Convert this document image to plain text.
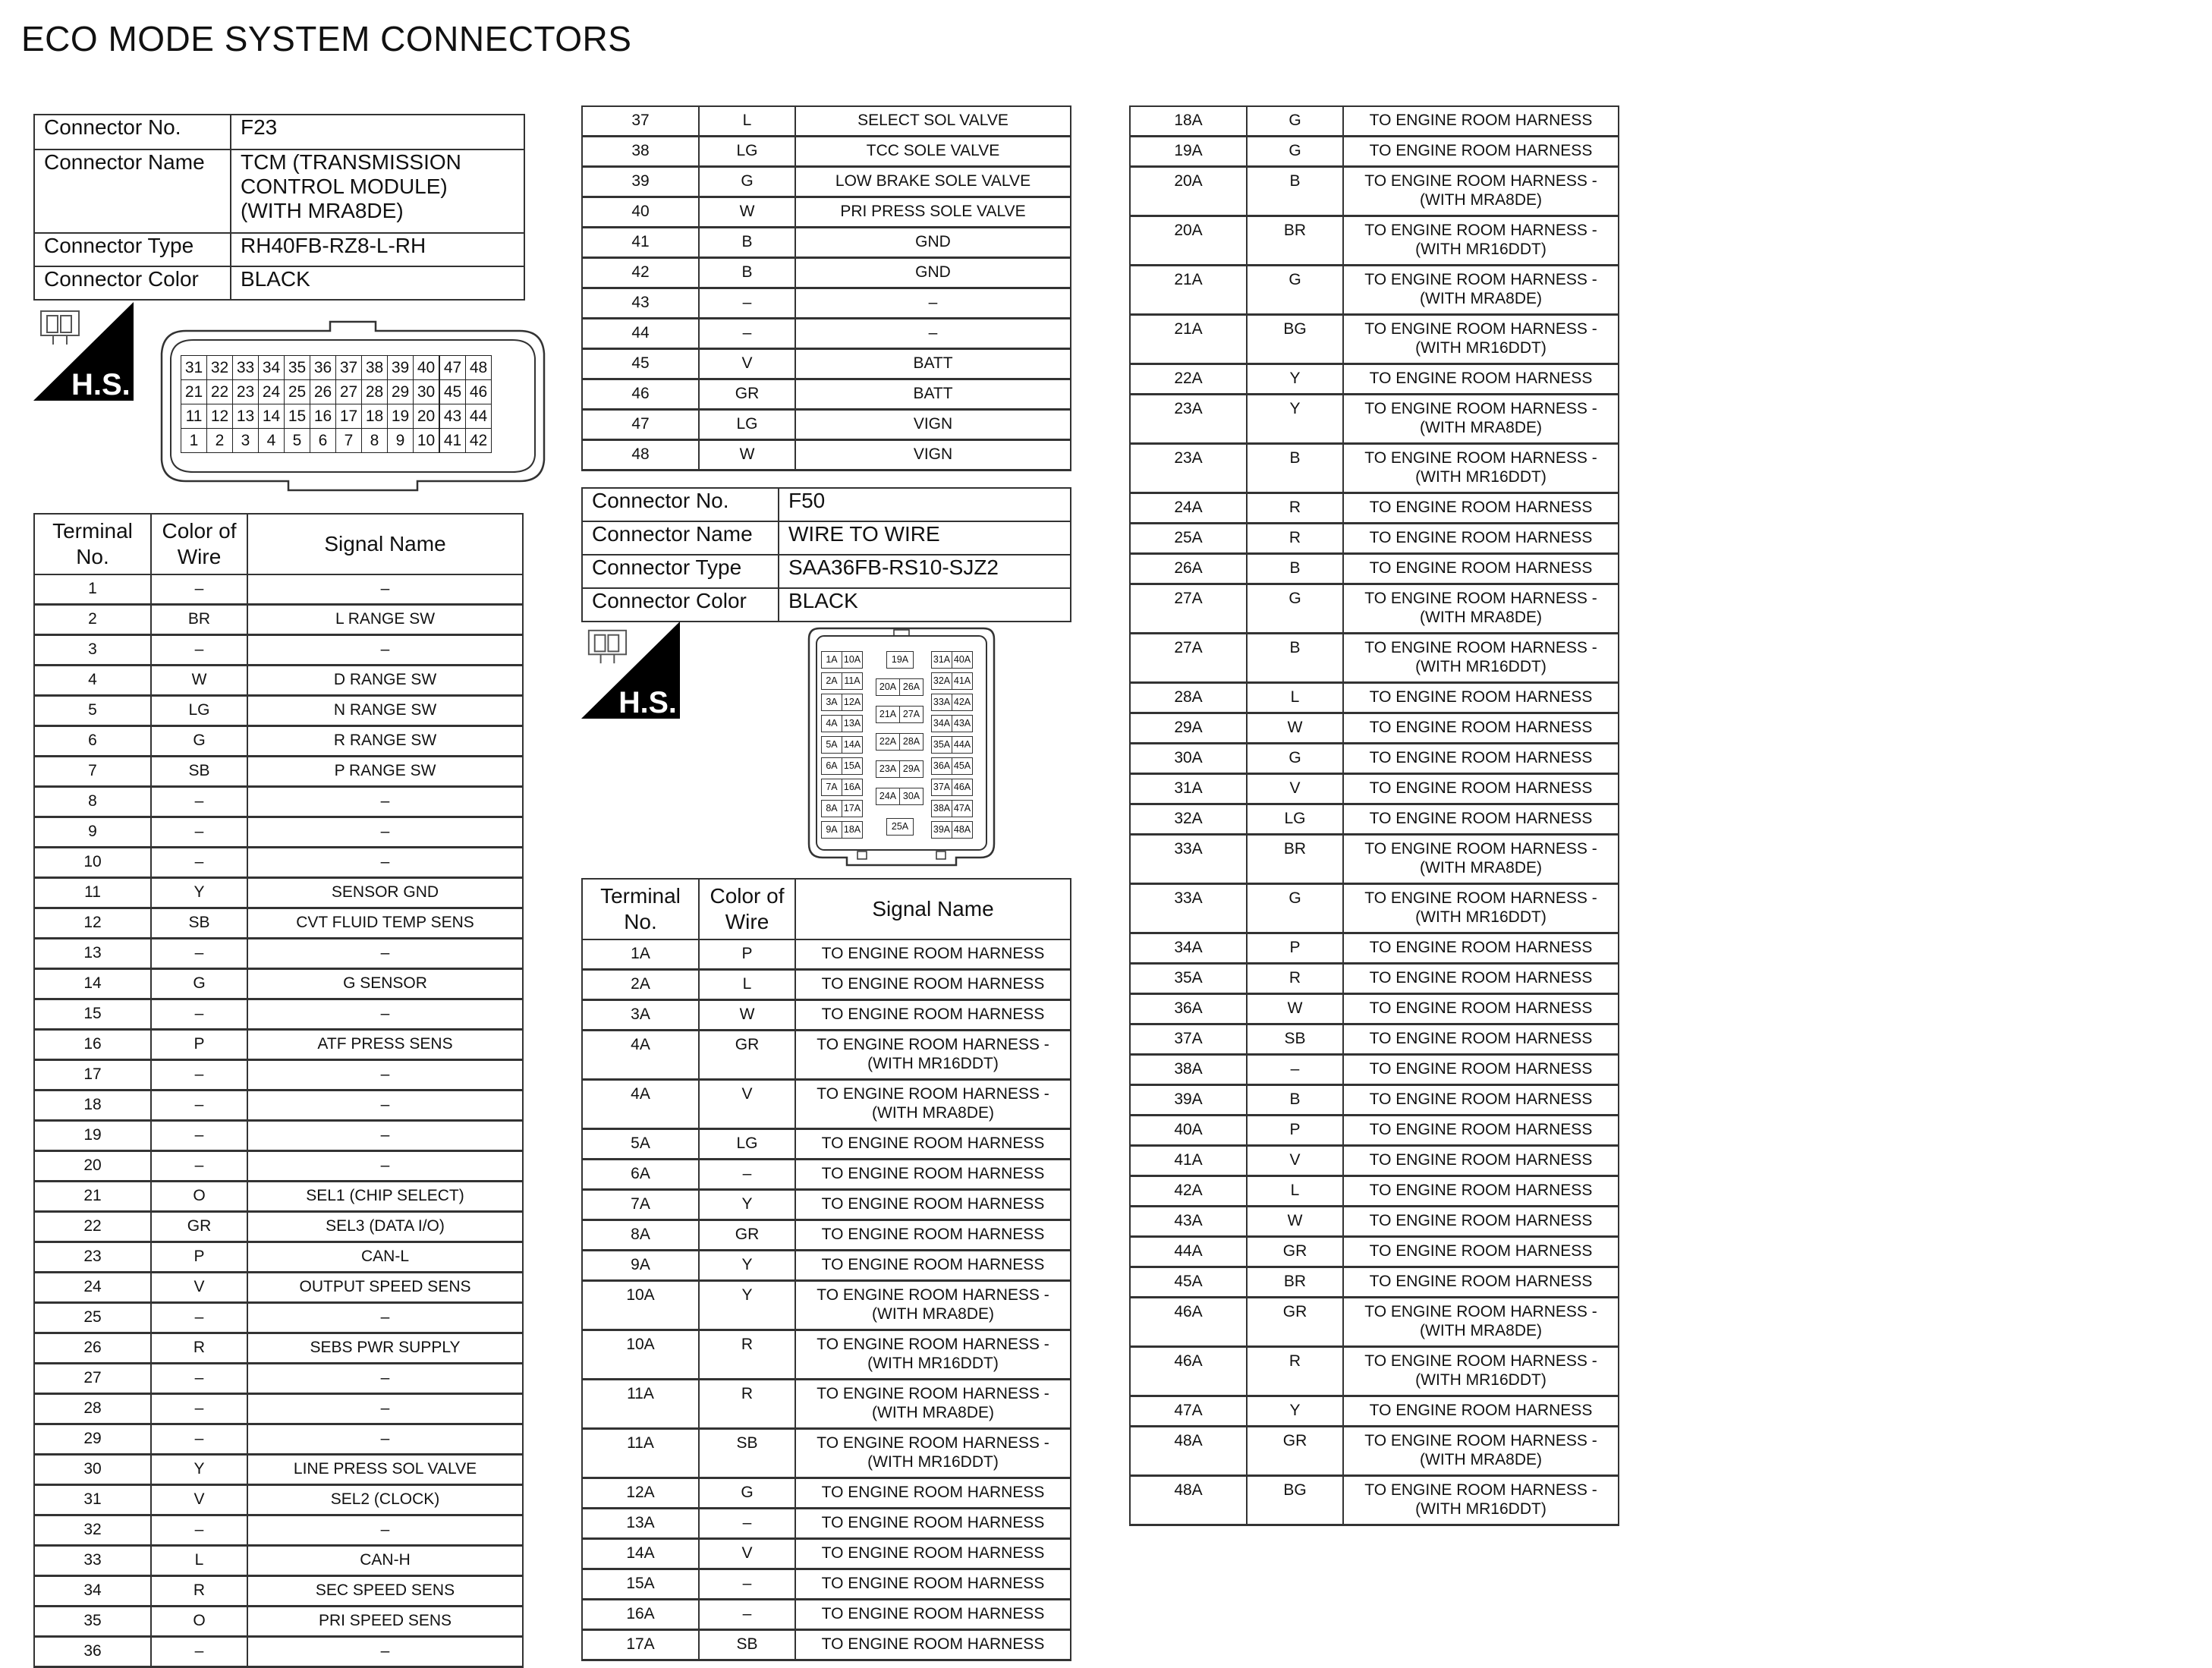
ECO MODE SYSTEM CONNECTORS
Connector No.	F23
Connector Name	TCM (TRANSMISSION CONTROL MODULE) (WITH MRA8DE)
Connector Type	RH40FB-RZ8-L-RH
Connector Color	BLACK
H.S.
31	32	33	34	35	36	37	38	39	40	47	48
21	22	23	24	25	26	27	28	29	30	45	46
11	12	13	14	15	16	17	18	19	20	43	44
1	2	3	4	5	6	7	8	9	10	41	42
Terminal No.	Color of Wire	Signal Name
1	–	–
2	BR	L RANGE SW
3	–	–
4	W	D RANGE SW
5	LG	N RANGE SW
6	G	R RANGE SW
7	SB	P RANGE SW
8	–	–
9	–	–
10	–	–
11	Y	SENSOR GND
12	SB	CVT FLUID TEMP SENS
13	–	–
14	G	G SENSOR
15	–	–
16	P	ATF PRESS SENS
17	–	–
18	–	–
19	–	–
20	–	–
21	O	SEL1 (CHIP SELECT)
22	GR	SEL3 (DATA I/O)
23	P	CAN-L
24	V	OUTPUT SPEED SENS
25	–	–
26	R	SEBS PWR SUPPLY
27	–	–
28	–	–
29	–	–
30	Y	LINE PRESS SOL VALVE
31	V	SEL2 (CLOCK)
32	–	–
33	L	CAN-H
34	R	SEC SPEED SENS
35	O	PRI SPEED SENS
36	–	–
37	L	SELECT SOL VALVE
38	LG	TCC SOLE VALVE
39	G	LOW BRAKE SOLE VALVE
40	W	PRI PRESS SOLE VALVE
41	B	GND
42	B	GND
43	–	–
44	–	–
45	V	BATT
46	GR	BATT
47	LG	VIGN
48	W	VIGN
Connector No.	F50
Connector Name	WIRE TO WIRE
Connector Type	SAA36FB-RS10-SJZ2
Connector Color	BLACK
H.S.
1A 10A	31A 40A
2A 11A	32A 41A
3A 12A	33A 42A
4A 13A	34A 43A
5A 14A	35A 44A
6A 15A	36A 45A
7A 16A	37A 46A
8A 17A	38A 47A
9A 18A	39A 48A
19A
20A 26A
21A 27A
22A 28A
23A 29A
24A 30A
25A
Terminal No.	Color of Wire	Signal Name
1A	P	TO ENGINE ROOM HARNESS
2A	L	TO ENGINE ROOM HARNESS
3A	W	TO ENGINE ROOM HARNESS
4A	GR	TO ENGINE ROOM HARNESS - (WITH MR16DDT)
4A	V	TO ENGINE ROOM HARNESS - (WITH MRA8DE)
5A	LG	TO ENGINE ROOM HARNESS
6A	–	TO ENGINE ROOM HARNESS
7A	Y	TO ENGINE ROOM HARNESS
8A	GR	TO ENGINE ROOM HARNESS
9A	Y	TO ENGINE ROOM HARNESS
10A	Y	TO ENGINE ROOM HARNESS - (WITH MRA8DE)
10A	R	TO ENGINE ROOM HARNESS - (WITH MR16DDT)
11A	R	TO ENGINE ROOM HARNESS - (WITH MRA8DE)
11A	SB	TO ENGINE ROOM HARNESS - (WITH MR16DDT)
12A	G	TO ENGINE ROOM HARNESS
13A	–	TO ENGINE ROOM HARNESS
14A	V	TO ENGINE ROOM HARNESS
15A	–	TO ENGINE ROOM HARNESS
16A	–	TO ENGINE ROOM HARNESS
17A	SB	TO ENGINE ROOM HARNESS
18A	G	TO ENGINE ROOM HARNESS
19A	G	TO ENGINE ROOM HARNESS
20A	B	TO ENGINE ROOM HARNESS - (WITH MRA8DE)
20A	BR	TO ENGINE ROOM HARNESS - (WITH MR16DDT)
21A	G	TO ENGINE ROOM HARNESS - (WITH MRA8DE)
21A	BG	TO ENGINE ROOM HARNESS - (WITH MR16DDT)
22A	Y	TO ENGINE ROOM HARNESS
23A	Y	TO ENGINE ROOM HARNESS - (WITH MRA8DE)
23A	B	TO ENGINE ROOM HARNESS - (WITH MR16DDT)
24A	R	TO ENGINE ROOM HARNESS
25A	R	TO ENGINE ROOM HARNESS
26A	B	TO ENGINE ROOM HARNESS
27A	G	TO ENGINE ROOM HARNESS - (WITH MRA8DE)
27A	B	TO ENGINE ROOM HARNESS - (WITH MR16DDT)
28A	L	TO ENGINE ROOM HARNESS
29A	W	TO ENGINE ROOM HARNESS
30A	G	TO ENGINE ROOM HARNESS
31A	V	TO ENGINE ROOM HARNESS
32A	LG	TO ENGINE ROOM HARNESS
33A	BR	TO ENGINE ROOM HARNESS - (WITH MRA8DE)
33A	G	TO ENGINE ROOM HARNESS - (WITH MR16DDT)
34A	P	TO ENGINE ROOM HARNESS
35A	R	TO ENGINE ROOM HARNESS
36A	W	TO ENGINE ROOM HARNESS
37A	SB	TO ENGINE ROOM HARNESS
38A	–	TO ENGINE ROOM HARNESS
39A	B	TO ENGINE ROOM HARNESS
40A	P	TO ENGINE ROOM HARNESS
41A	V	TO ENGINE ROOM HARNESS
42A	L	TO ENGINE ROOM HARNESS
43A	W	TO ENGINE ROOM HARNESS
44A	GR	TO ENGINE ROOM HARNESS
45A	BR	TO ENGINE ROOM HARNESS
46A	GR	TO ENGINE ROOM HARNESS - (WITH MRA8DE)
46A	R	TO ENGINE ROOM HARNESS - (WITH MR16DDT)
47A	Y	TO ENGINE ROOM HARNESS
48A	GR	TO ENGINE ROOM HARNESS - (WITH MRA8DE)
48A	BG	TO ENGINE ROOM HARNESS - (WITH MR16DDT)
